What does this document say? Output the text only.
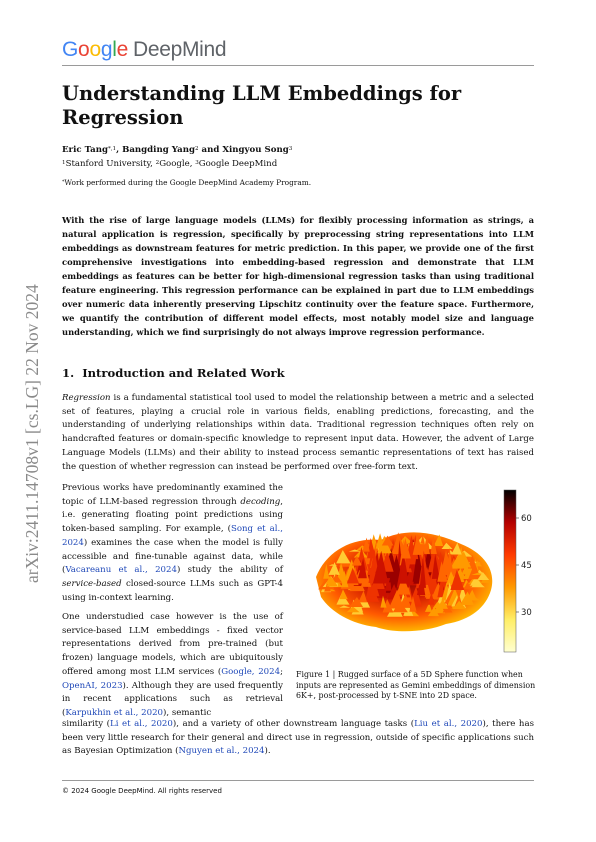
Google DeepMind
arXiv:2411.14708v1 [cs.LG] 22 Nov 2024
Understanding LLM Embeddings for Regression
Eric Tang$^{*,1}$, Bangding Yang$^2$ and Xingyou Song$^3$
$^1$Stanford University, $^2$Google, $^3$Google DeepMind
*Work performed during the Google DeepMind Academy Program.

With the rise of large language models (LLMs) for flexibly processing information as strings, a natural application is regression, specifically by preprocessing string representations into LLM embeddings as downstream features for metric prediction. In this paper, we provide one of the first comprehensive investigations into embedding-based regression and demonstrate that LLM embeddings as features can be better for high-dimensional regression tasks than using traditional feature engineering. This regression performance can be explained in part due to LLM embeddings over numeric data inherently preserving Lipschitz continuity over the feature space. Furthermore, we quantify the contribution of different model effects, most notably model size and language understanding, which we find surprisingly do not always improve regression performance.

1. Introduction and Related Work

Regression is a fundamental statistical tool used to model the relationship between a metric and a selected set of features, playing a crucial role in various fields, enabling predictions, forecasting, and the understanding of underlying relationships within data. Traditional regression techniques often rely on handcrafted features or domain-specific knowledge to represent input data. However, the advent of Large Language Models (LLMs) and their ability to instead process semantic representations of text has raised the question of whether regression can instead be performed over free-form text.

Previous works have predominantly examined the topic of LLM-based regression through decoding, i.e. generating floating point predictions using token-based sampling. For example, (Song et al., 2024) examines the case when the model is fully accessible and fine-tunable against data, while (Vacareanu et al., 2024) study the ability of service-based closed-source LLMs such as GPT-4 using in-context learning.

One understudied case however is the use of service-based LLM embeddings - fixed vector representations derived from pre-trained (but frozen) language models, which are ubiquitously offered among most LLM services (Google, 2024; OpenAI, 2023). Although they are used frequently in recent applications such as retrieval (Karpukhin et al., 2020), semantic

similarity (Li et al., 2020), and a variety of other downstream language tasks (Liu et al., 2020), there has been very little research for their general and direct use in regression, outside of specific applications such as Bayesian Optimization (Nguyen et al., 2024).

60
45
30

Figure 1 | Rugged surface of a 5D Sphere function when inputs are represented as Gemini embeddings of dimension 6K+, post-processed by t-SNE into 2D space.

© 2024 Google DeepMind. All rights reserved
